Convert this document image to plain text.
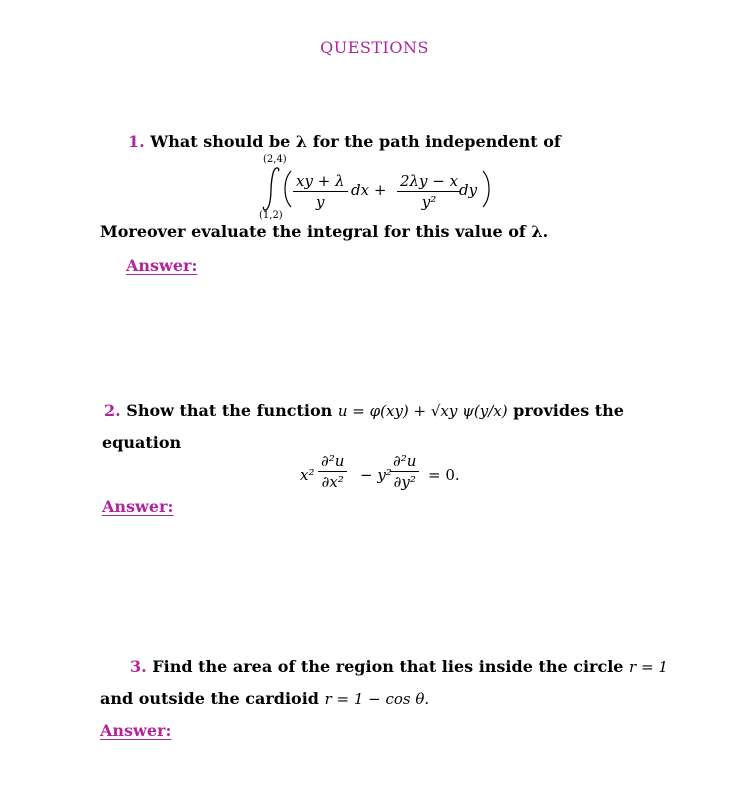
QUESTIONS
1. What should be λ for the path independent of
(2,4)
(1,2)
$\frac{xy + \lambda}{y}$ dx + $\frac{2\lambda y - x}{\text{y²}}$
dy
Moreover evaluate the integral for this value of λ.
Answer:
2. Show that the function u = φ(xy) + √xy ψ(y/x) provides the
equation
$x^2 \frac{\text{∂²u}}{\text{∂x²}} - y^2$
$\frac{\text{∂²u}}{\text{∂y²}} = 0$.
Answer:
3. Find the area of the region that lies inside the circle r = 1
and outside the cardioid r = 1 − cos θ.
Answer:
